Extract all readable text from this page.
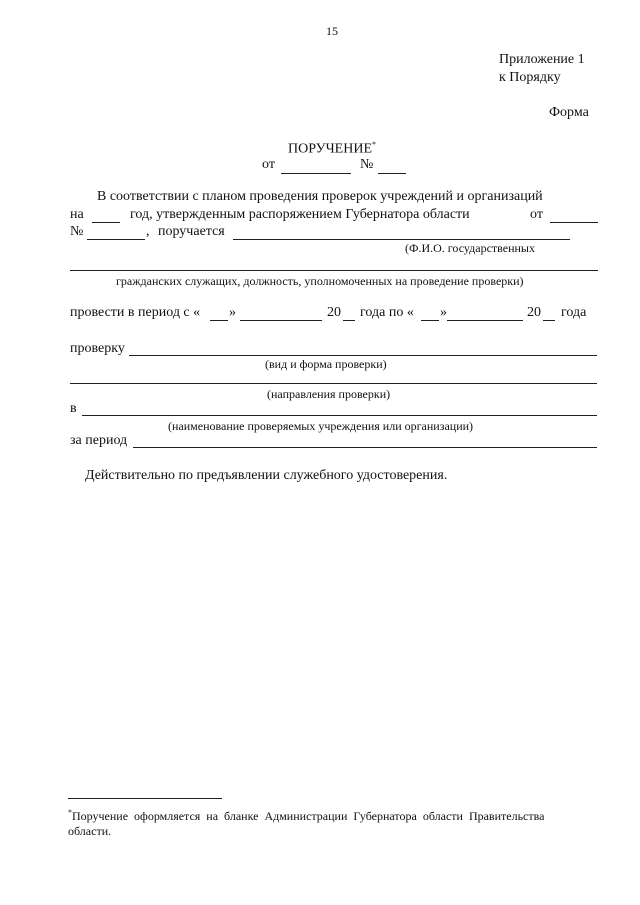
15
Приложение 1
к Порядку
Форма
ПОРУЧЕНИЕ*
от	№
В соответствии с планом проведения проверок учреждений и организаций
на	год, утвержденным распоряжением Губернатора области	от
№	, поручается
(Ф.И.О. государственных
гражданских служащих, должность, уполномоченных на проведение проверки)
провести в период с « »	20 года по « »	20 года
проверку
(вид и форма проверки)
(направления проверки)
в
(наименование проверяемых учреждения или организации)
за период
Действительно по предъявлении служебного удостоверения.
*Поручение оформляется на бланке Администрации Губернатора области Правительства
области.
